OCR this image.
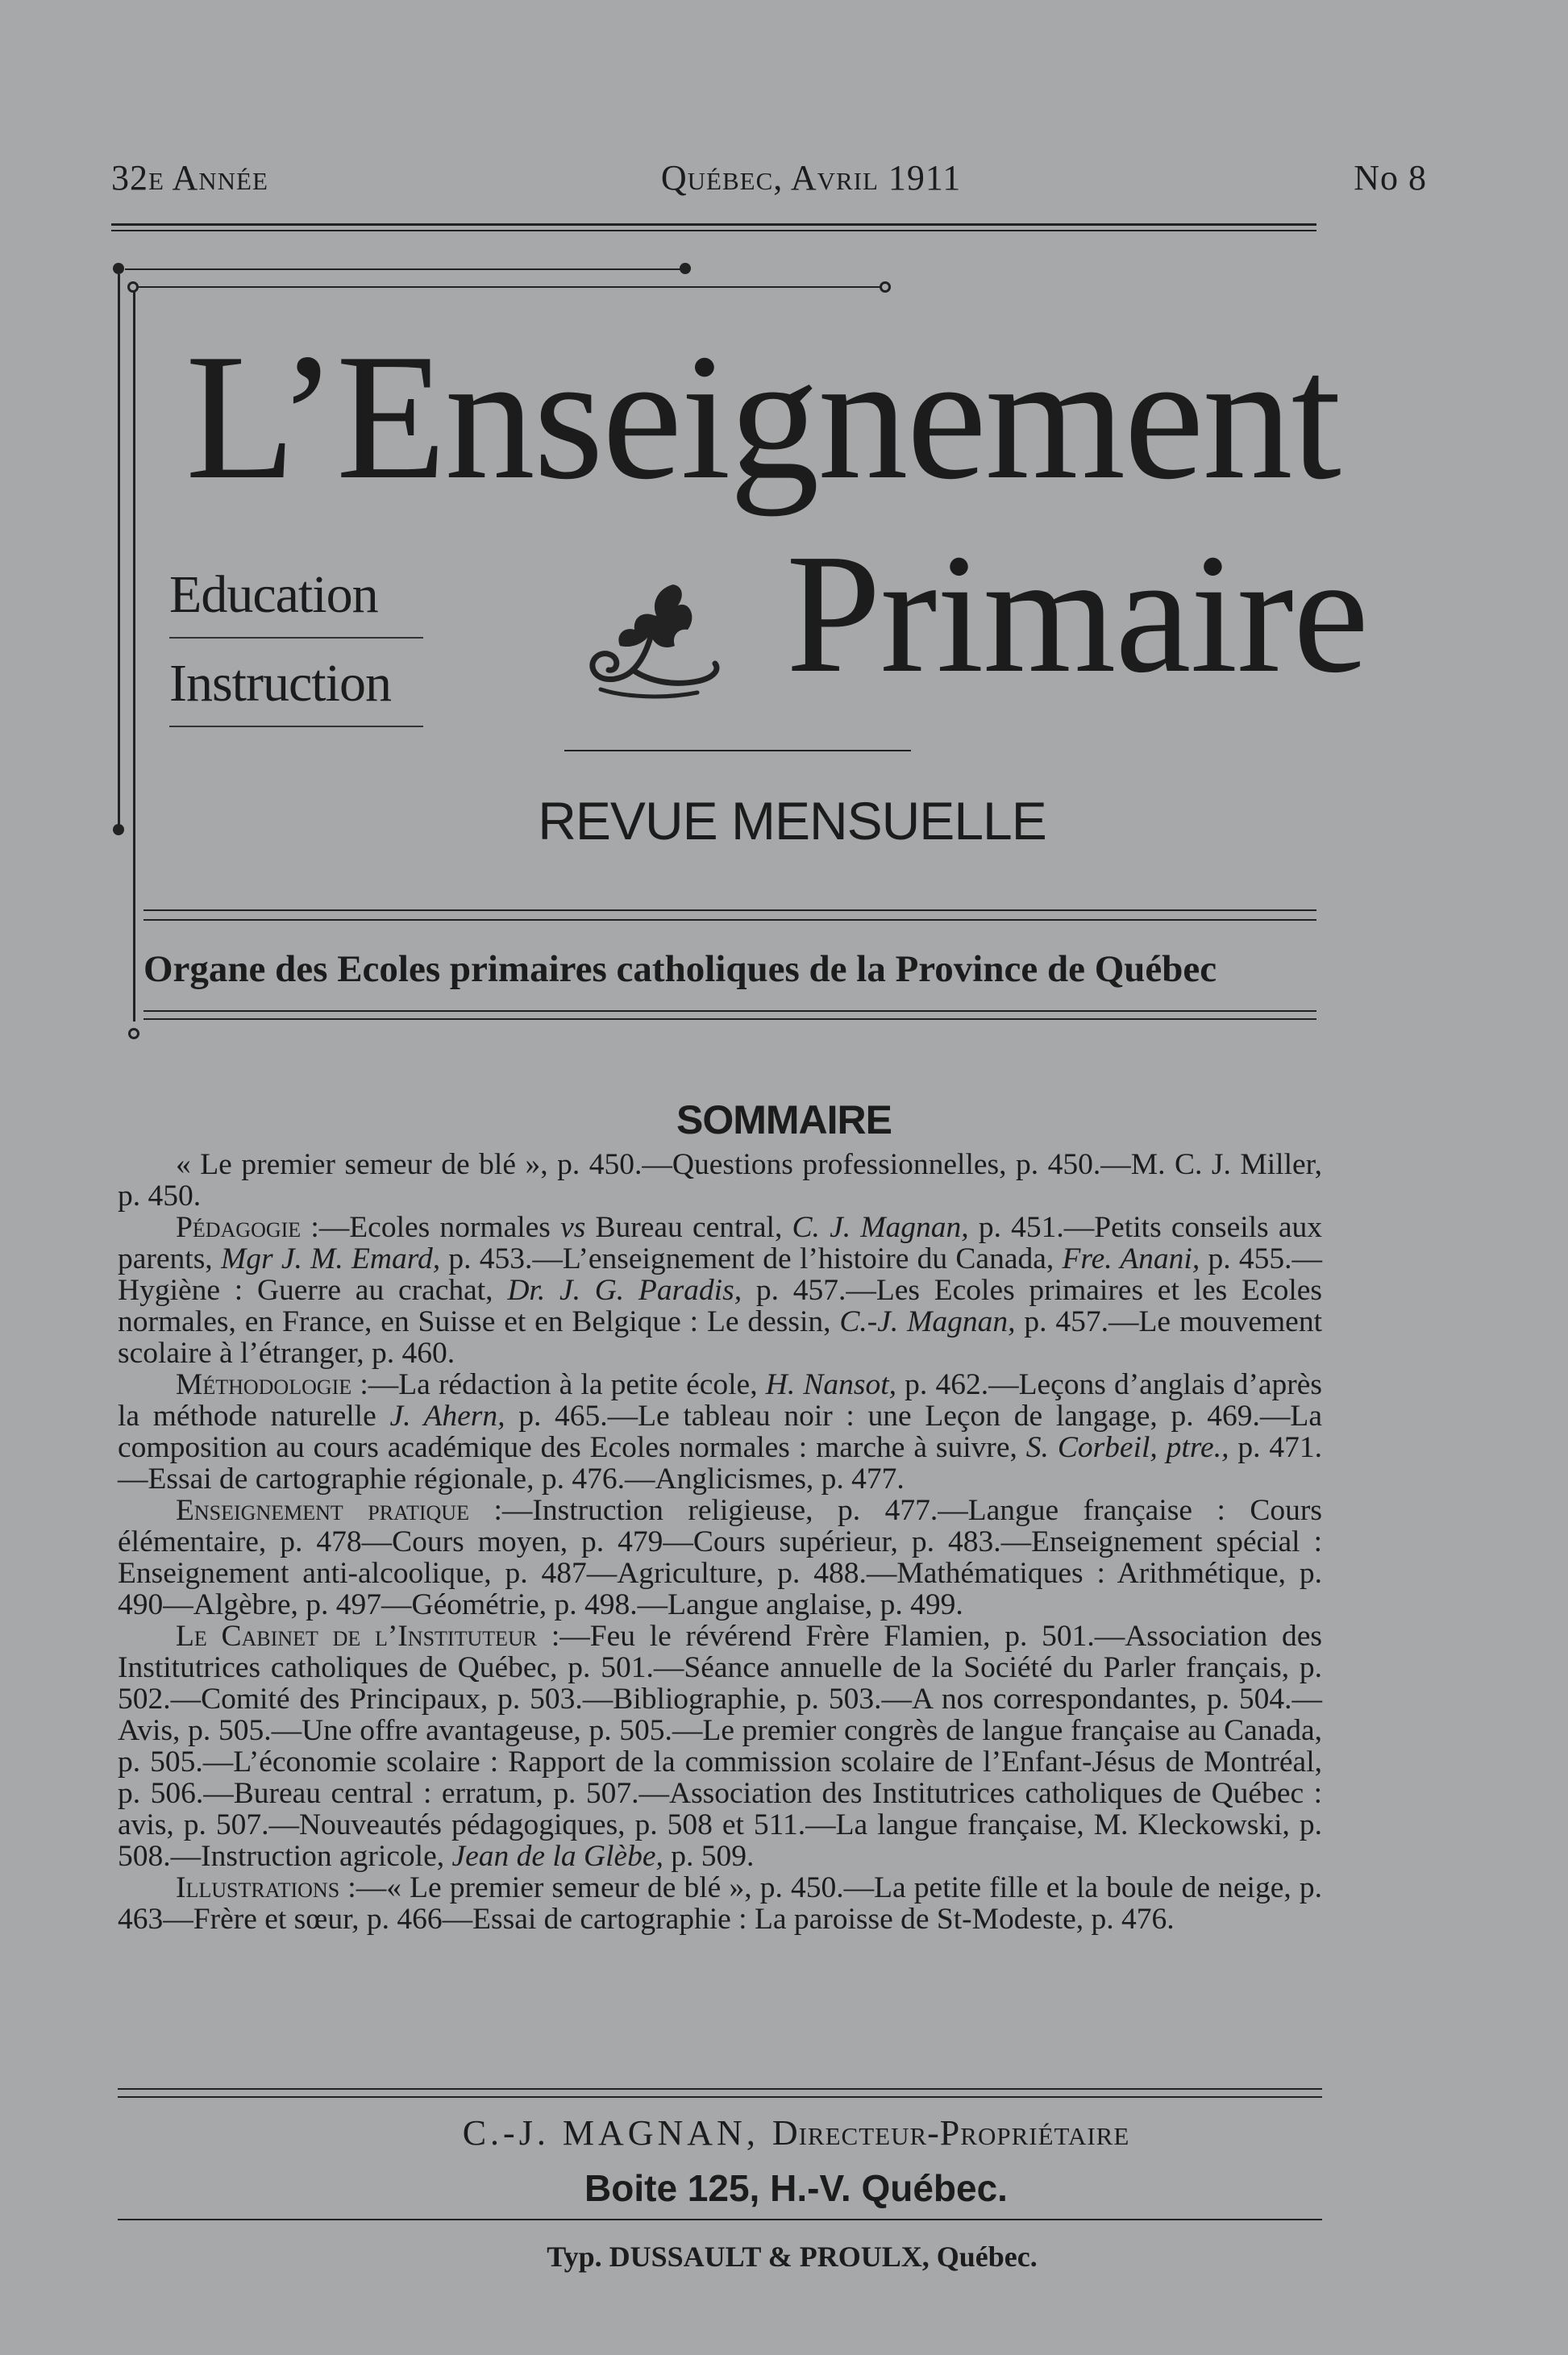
32e Année	Québec, Avril 1911	No 8
L’Enseignement
Education
Instruction Primaire
REVUE MENSUELLE
Organe des Ecoles primaires catholiques de la Province de Québec
SOMMAIRE

« Le premier semeur de blé », p. 450.—Questions professionnelles, p. 450.—M. C. J. Miller, p. 450.

Pédagogie :—Ecoles normales vs Bureau central, C. J. Magnan, p. 451.—Petits conseils aux parents, Mgr J. M. Emard, p. 453.—L’enseignement de l’histoire du Canada, Fre. Anani, p. 455.—Hygiène : Guerre au crachat, Dr. J. G. Paradis, p. 457.—Les Ecoles primaires et les Ecoles normales, en France, en Suisse et en Belgique : Le dessin, C.-J. Magnan, p. 457.—Le mouvement scolaire à l’étranger, p. 460.

Méthodologie :—La rédaction à la petite école, H. Nansot, p. 462.—Leçons d’anglais d’après la méthode naturelle J. Ahern, p. 465.—Le tableau noir : une Leçon de langage, p. 469.—La composition au cours académique des Ecoles normales : marche à suivre, S. Corbeil, ptre., p. 471.—Essai de cartographie régionale, p. 476.—Anglicismes, p. 477.

Enseignement pratique :—Instruction religieuse, p. 477.—Langue française : Cours élémentaire, p. 478—Cours moyen, p. 479—Cours supérieur, p. 483.—Enseignement spécial : Enseignement anti-alcoolique, p. 487—Agriculture, p. 488.—Mathématiques : Arithmétique, p. 490—Algèbre, p. 497—Géométrie, p. 498.—Langue anglaise, p. 499.

Le Cabinet de l’Instituteur :—Feu le révérend Frère Flamien, p. 501.—Association des Institutrices catholiques de Québec, p. 501.—Séance annuelle de la Société du Parler français, p. 502.—Comité des Principaux, p. 503.—Bibliographie, p. 503.—A nos correspondantes, p. 504.—Avis, p. 505.—Une offre avantageuse, p. 505.—Le premier congrès de langue française au Canada, p. 505.—L’économie scolaire : Rapport de la commission scolaire de l’Enfant-Jésus de Montréal, p. 506.—Bureau central : erratum, p. 507.—Association des Institutrices catholiques de Québec : avis, p. 507.—Nouveautés pédagogiques, p. 508 et 511.—La langue française, M. Kleckowski, p. 508.—Instruction agricole, Jean de la Glèbe, p. 509.

Illustrations :—« Le premier semeur de blé », p. 450.—La petite fille et la boule de neige, p. 463—Frère et sœur, p. 466—Essai de cartographie : La paroisse de St-Modeste, p. 476.

C.-J. MAGNAN, Directeur-Propriétaire
Boite 125, H.-V. Québec.
Typ. DUSSAULT & PROULX, Québec.
